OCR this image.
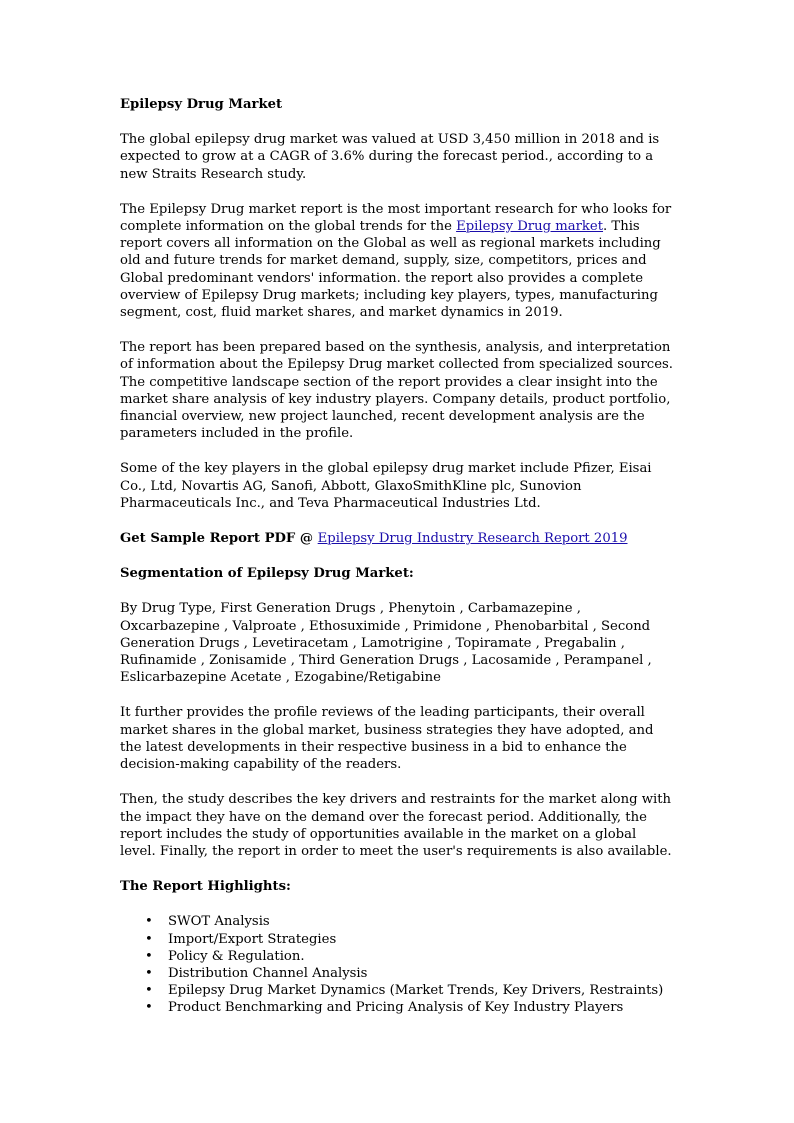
Epilepsy Drug Market

The global epilepsy drug market was valued at USD 3,450 million in 2018 and is expected to grow at a CAGR of 3.6% during the forecast period., according to a new Straits Research study.

The Epilepsy Drug market report is the most important research for who looks for complete information on the global trends for the Epilepsy Drug market. This report covers all information on the Global as well as regional markets including old and future trends for market demand, supply, size, competitors, prices and Global predominant vendors' information. the report also provides a complete overview of Epilepsy Drug markets; including key players, types, manufacturing segment, cost, fluid market shares, and market dynamics in 2019.

The report has been prepared based on the synthesis, analysis, and interpretation of information about the Epilepsy Drug market collected from specialized sources. The competitive landscape section of the report provides a clear insight into the market share analysis of key industry players. Company details, product portfolio, financial overview, new project launched, recent development analysis are the parameters included in the profile.

Some of the key players in the global epilepsy drug market include Pfizer, Eisai Co., Ltd, Novartis AG, Sanofi, Abbott, GlaxoSmithKline plc, Sunovion Pharmaceuticals Inc., and Teva Pharmaceutical Industries Ltd.

Get Sample Report PDF @ Epilepsy Drug Industry Research Report 2019

Segmentation of Epilepsy Drug Market:

By Drug Type, First Generation Drugs , Phenytoin , Carbamazepine , Oxcarbazepine , Valproate , Ethosuximide , Primidone , Phenobarbital , Second Generation Drugs , Levetiracetam , Lamotrigine , Topiramate , Pregabalin , Rufinamide , Zonisamide , Third Generation Drugs , Lacosamide , Perampanel , Eslicarbazepine Acetate , Ezogabine/Retigabine

It further provides the profile reviews of the leading participants, their overall market shares in the global market, business strategies they have adopted, and the latest developments in their respective business in a bid to enhance the decision-making capability of the readers.

Then, the study describes the key drivers and restraints for the market along with the impact they have on the demand over the forecast period. Additionally, the report includes the study of opportunities available in the market on a global level. Finally, the report in order to meet the user's requirements is also available.

The Report Highlights:

• SWOT Analysis
• Import/Export Strategies
• Policy & Regulation.
• Distribution Channel Analysis
• Epilepsy Drug Market Dynamics (Market Trends, Key Drivers, Restraints)
• Product Benchmarking and Pricing Analysis of Key Industry Players
